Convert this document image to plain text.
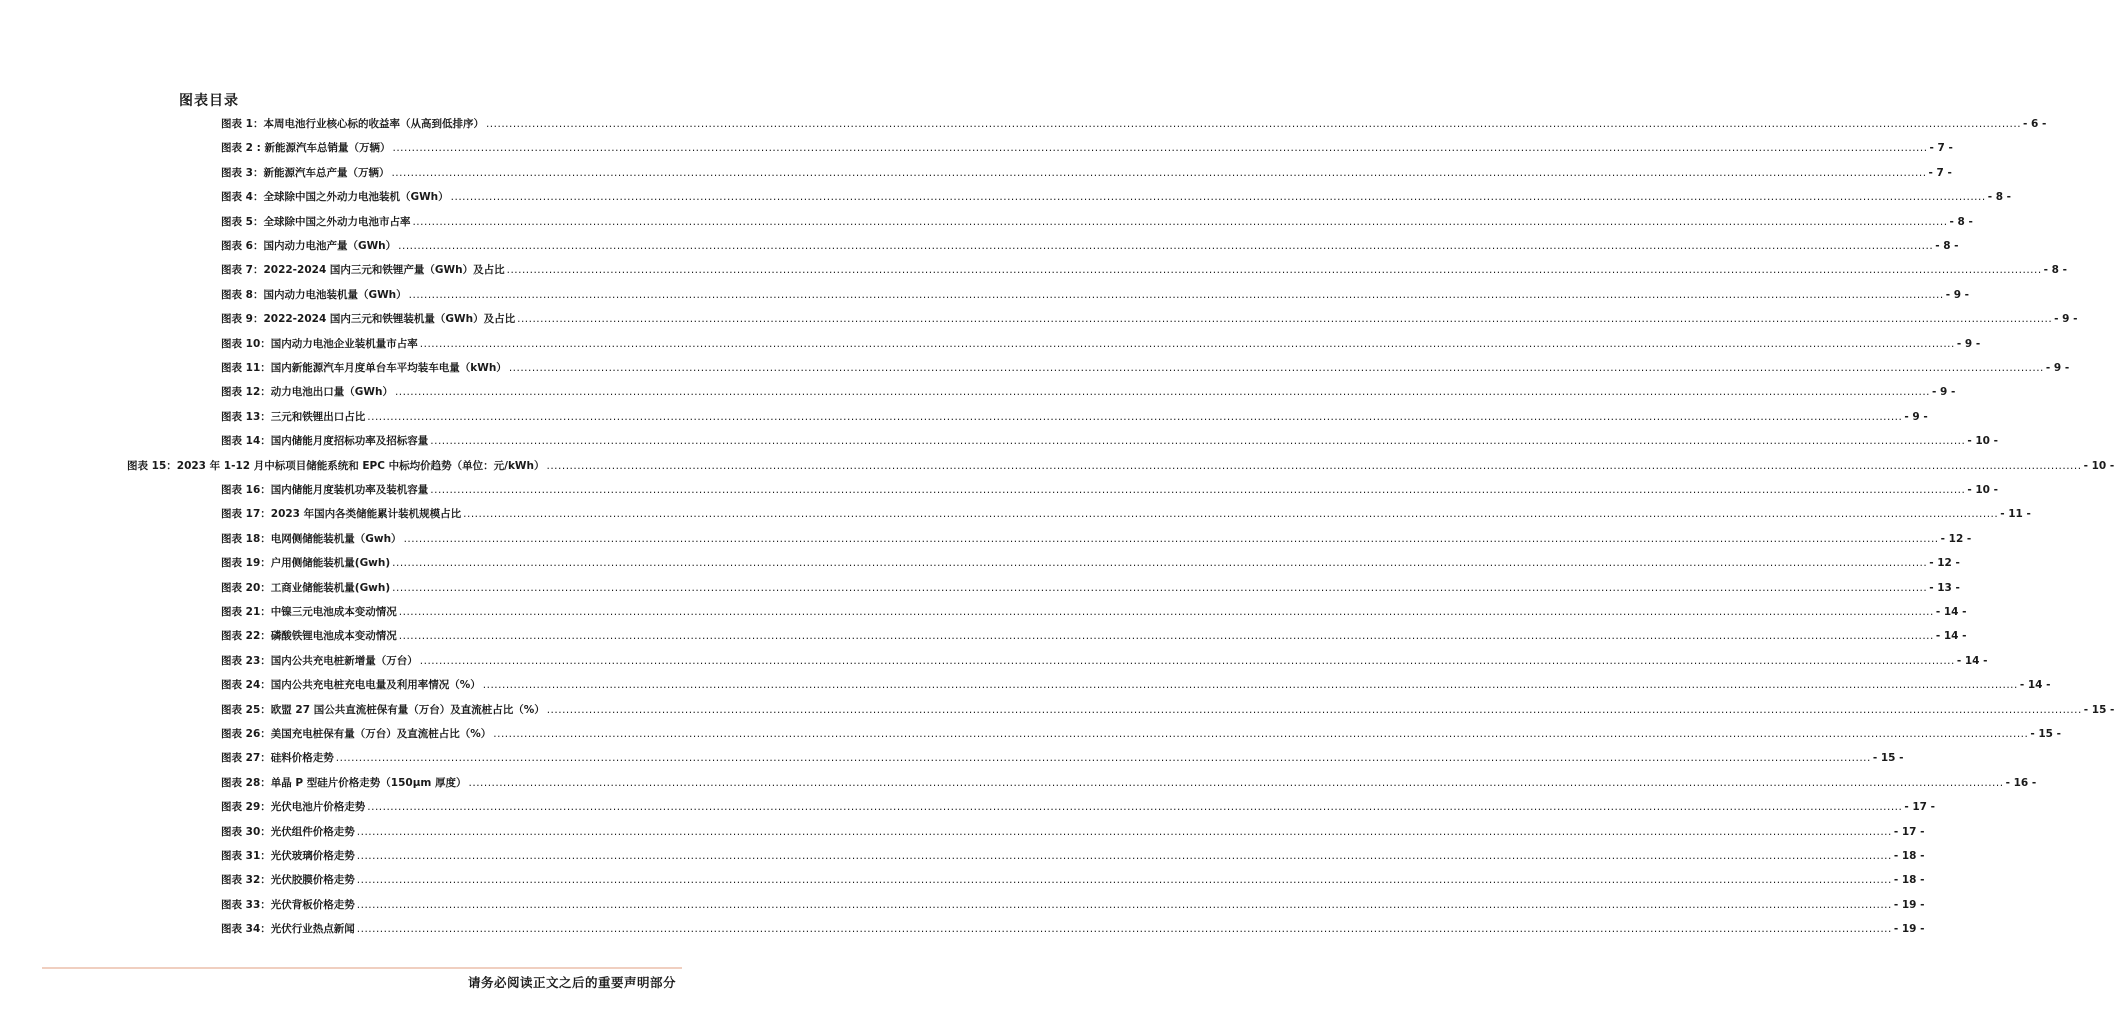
图表目录
图表 1：本周电池行业核心标的收益率（从高到低排序） ................................................................................................................................................................................................................................................................................................................................................................................................................ - 6 -
图表 2 : 新能源汽车总销量（万辆） ................................................................................................................................................................................................................................................................................................................................................................................................................ - 7 -
图表 3：新能源汽车总产量（万辆） ................................................................................................................................................................................................................................................................................................................................................................................................................ - 7 -
图表 4：全球除中国之外动力电池装机（GWh） ................................................................................................................................................................................................................................................................................................................................................................................................................ - 8 -
图表 5：全球除中国之外动力电池市占率 ................................................................................................................................................................................................................................................................................................................................................................................................................ - 8 -
图表 6：国内动力电池产量（GWh） ................................................................................................................................................................................................................................................................................................................................................................................................................ - 8 -
图表 7：2022-2024 国内三元和铁锂产量（GWh）及占比 ................................................................................................................................................................................................................................................................................................................................................................................................................ - 8 -
图表 8：国内动力电池装机量（GWh） ................................................................................................................................................................................................................................................................................................................................................................................................................ - 9 -
图表 9：2022-2024 国内三元和铁锂装机量（GWh）及占比 ................................................................................................................................................................................................................................................................................................................................................................................................................ - 9 -
图表 10：国内动力电池企业装机量市占率 ................................................................................................................................................................................................................................................................................................................................................................................................................ - 9 -
图表 11：国内新能源汽车月度单台车平均装车电量（kWh） ................................................................................................................................................................................................................................................................................................................................................................................................................ - 9 -
图表 12：动力电池出口量（GWh） ................................................................................................................................................................................................................................................................................................................................................................................................................ - 9 -
图表 13：三元和铁锂出口占比 ................................................................................................................................................................................................................................................................................................................................................................................................................ - 9 -
图表 14：国内储能月度招标功率及招标容量 ................................................................................................................................................................................................................................................................................................................................................................................................................ - 10 -
图表 15：2023 年 1-12 月中标项目储能系统和 EPC 中标均价趋势（单位：元/kWh） ................................................................................................................................................................................................................................................................................................................................................................................................................ - 10 -
图表 16：国内储能月度装机功率及装机容量 ................................................................................................................................................................................................................................................................................................................................................................................................................ - 10 -
图表 17：2023 年国内各类储能累计装机规模占比 ................................................................................................................................................................................................................................................................................................................................................................................................................ - 11 -
图表 18：电网侧储能装机量（Gwh） ................................................................................................................................................................................................................................................................................................................................................................................................................ - 12 -
图表 19：户用侧储能装机量(Gwh) ................................................................................................................................................................................................................................................................................................................................................................................................................ - 12 -
图表 20：工商业储能装机量(Gwh) ................................................................................................................................................................................................................................................................................................................................................................................................................ - 13 -
图表 21：中镍三元电池成本变动情况 ................................................................................................................................................................................................................................................................................................................................................................................................................ - 14 -
图表 22：磷酸铁锂电池成本变动情况 ................................................................................................................................................................................................................................................................................................................................................................................................................ - 14 -
图表 23：国内公共充电桩新增量（万台） ................................................................................................................................................................................................................................................................................................................................................................................................................ - 14 -
图表 24：国内公共充电桩充电电量及利用率情况（%） ................................................................................................................................................................................................................................................................................................................................................................................................................ - 14 -
图表 25：欧盟 27 国公共直流桩保有量（万台）及直流桩占比（%） ................................................................................................................................................................................................................................................................................................................................................................................................................ - 15 -
图表 26：美国充电桩保有量（万台）及直流桩占比（%） ................................................................................................................................................................................................................................................................................................................................................................................................................ - 15 -
图表 27：硅料价格走势 ................................................................................................................................................................................................................................................................................................................................................................................................................ - 15 -
图表 28：单晶 P 型硅片价格走势（150μm 厚度） ................................................................................................................................................................................................................................................................................................................................................................................................................ - 16 -
图表 29：光伏电池片价格走势 ................................................................................................................................................................................................................................................................................................................................................................................................................ - 17 -
图表 30：光伏组件价格走势 ................................................................................................................................................................................................................................................................................................................................................................................................................ - 17 -
图表 31：光伏玻璃价格走势 ................................................................................................................................................................................................................................................................................................................................................................................................................ - 18 -
图表 32：光伏胶膜价格走势 ................................................................................................................................................................................................................................................................................................................................................................................................................ - 18 -
图表 33：光伏背板价格走势 ................................................................................................................................................................................................................................................................................................................................................................................................................ - 19 -
图表 34：光伏行业热点新闻 ................................................................................................................................................................................................................................................................................................................................................................................................................ - 19 -
请务必阅读正文之后的重要声明部分
